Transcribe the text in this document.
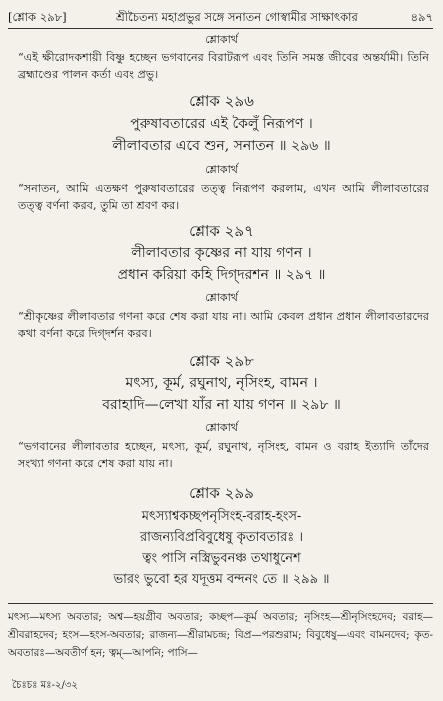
[শ্লোক ২৯৮]	শ্রীচৈতন্য মহাপ্রভুর সঙ্গে সনাতন গোস্বামীর সাক্ষাৎকার	৪৯৭
শ্লোকার্থ
“এই ক্ষীরোদকশায়ী বিষ্ণু হচ্ছেন ভগবানের বিরাটরূপ এবং তিনি সমস্ত জীবের অন্তর্যামী। তিনি ব্রহ্মাণ্ডের পালন কর্তা এবং প্রভু।
শ্লোক ২৯৬
পুরুষাবতারের এই কৈলুঁ নিরূপণ ।
লীলাবতার এবে শুন, সনাতন ॥ ২৯৬ ॥
শ্লোকার্থ
“সনাতন, আমি এতক্ষণ পুরুষাবতারের তত্ত্ব নিরূপণ করলাম, এখন আমি লীলাবতারের তত্ত্ব বর্ণনা করব, তুমি তা শ্রবণ কর।
শ্লোক ২৯৭
লীলাবতার কৃষ্ণের না যায় গণন ।
প্রধান করিয়া কহি দিগ্‌দরশন ॥ ২৯৭ ॥
শ্লোকার্থ
“শ্রীকৃষ্ণের লীলাবতার গণনা করে শেষ করা যায় না। আমি কেবল প্রধান প্রধান লীলাবতারদের কথা বর্ণনা করে দিগ্‌দর্শন করব।
শ্লোক ২৯৮
মৎস্য, কূর্ম, রঘুনাথ, নৃসিংহ, বামন ।
বরাহাদি—লেখা যাঁর না যায় গণন ॥ ২৯৮ ॥
শ্লোকার্থ
“ভগবানের লীলাবতার হচ্ছেন, মৎস্য, কূর্ম, রঘুনাথ, নৃসিংহ, বামন ও বরাহ ইত্যাদি তাঁদের সংখ্যা গণনা করে শেষ করা যায় না।
শ্লোক ২৯৯
মৎস্যাশ্বকচ্ছপনৃসিংহ-বরাহ-হংস-
রাজন্যবিপ্রবিবুধেষু কৃতাবতারঃ ।
ত্বং পাসি নস্ত্রিভুবনঞ্চ তথাধুনেশ
ভারং ভুবো হর যদূত্তম বন্দনং তে ॥ ২৯৯ ॥
মৎস্য—মৎস্য অবতার; অশ্ব—হয়গ্রীব অবতার; কচ্ছপ—কূর্ম অবতার; নৃসিংহ—শ্রীনৃসিংহদেব; বরাহ—শ্রীবরাহদেব; হংস—হংস-অবতার; রাজন্য—শ্রীরামচন্দ্র; বিপ্র—পরশুরাম; বিবুধেষু—এবং বামনদেব; কৃত-অবতারঃ—অবতীর্ণ হন; ত্বম্—আপনি; পাসি—
চৈঃচঃ মঃ-২/৩২
